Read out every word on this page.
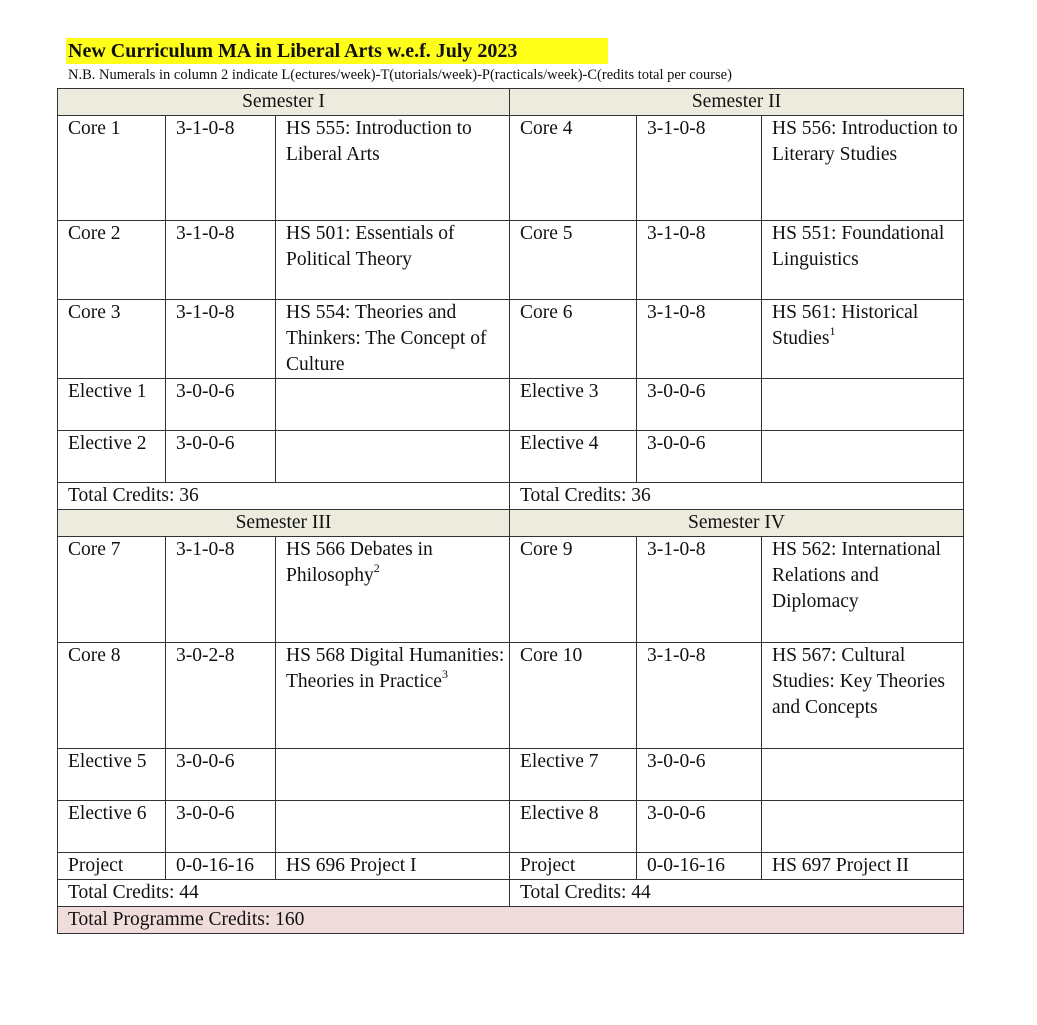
New Curriculum MA in Liberal Arts w.e.f. July 2023
N.B. Numerals in column 2 indicate L(ectures/week)-T(utorials/week)-P(racticals/week)-C(redits total per course)
Semester I			Semester II		
Core 1	3-1-0-8	HS 555: Introduction to Liberal Arts	Core 4	3-1-0-8	HS 556: Introduction to Literary Studies
Core 2	3-1-0-8	HS 501: Essentials of Political Theory	Core 5	3-1-0-8	HS 551: Foundational Linguistics
Core 3	3-1-0-8	HS 554: Theories and Thinkers: The Concept of Culture	Core 6	3-1-0-8	HS 561: Historical Studies$^1$
Elective 1	3-0-0-6		Elective 3	3-0-0-6	
Elective 2	3-0-0-6		Elective 4	3-0-0-6	
Total Credits: 36			Total Credits: 36		
Semester III			Semester IV		
Core 7	3-1-0-8	HS 566 Debates in Philosophy$^2$	Core 9	3-1-0-8	HS 562: International Relations and Diplomacy
Core 8	3-0-2-8	HS 568 Digital Humanities: Theories in Practice$^3$	Core 10	3-1-0-8	HS 567: Cultural Studies: Key Theories and Concepts
Elective 5	3-0-0-6		Elective 7	3-0-0-6	
Elective 6	3-0-0-6		Elective 8	3-0-0-6	
Project	0-0-16-16	HS 696 Project I	Project	0-0-16-16	HS 697 Project II
Total Credits: 44			Total Credits: 44		
Total Programme Credits: 160					
